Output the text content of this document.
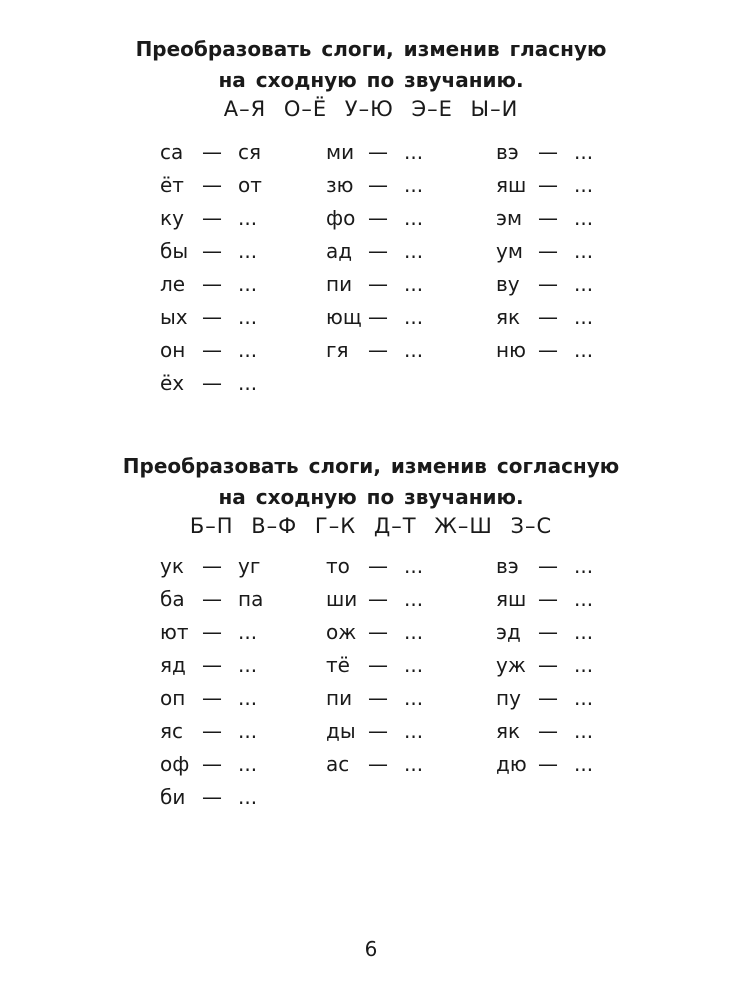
Преобразовать слоги, изменив гласную
на сходную по звучанию.
А–Я О–Ё У–Ю Э–Е Ы–И
са — ся
ёт — от
ку — ...
бы — ...
ле — ...
ых — ...
он — ...
ёх — ...
ми — ...
зю — ...
фо — ...
ад — ...
пи — ...
ющ — ...
гя — ...
вэ — ...
яш — ...
эм — ...
ум — ...
ву — ...
як — ...
ню — ...
Преобразовать слоги, изменив согласную
на сходную по звучанию.
Б–П В–Ф Г–К Д–Т Ж–Ш З–С
ук — уг
ба — па
ют — ...
яд — ...
оп — ...
яс — ...
оф — ...
би — ...
то — ...
ши — ...
ож — ...
тё — ...
пи — ...
ды — ...
ас — ...
вэ — ...
яш — ...
эд — ...
уж — ...
пу — ...
як — ...
дю — ...
6
